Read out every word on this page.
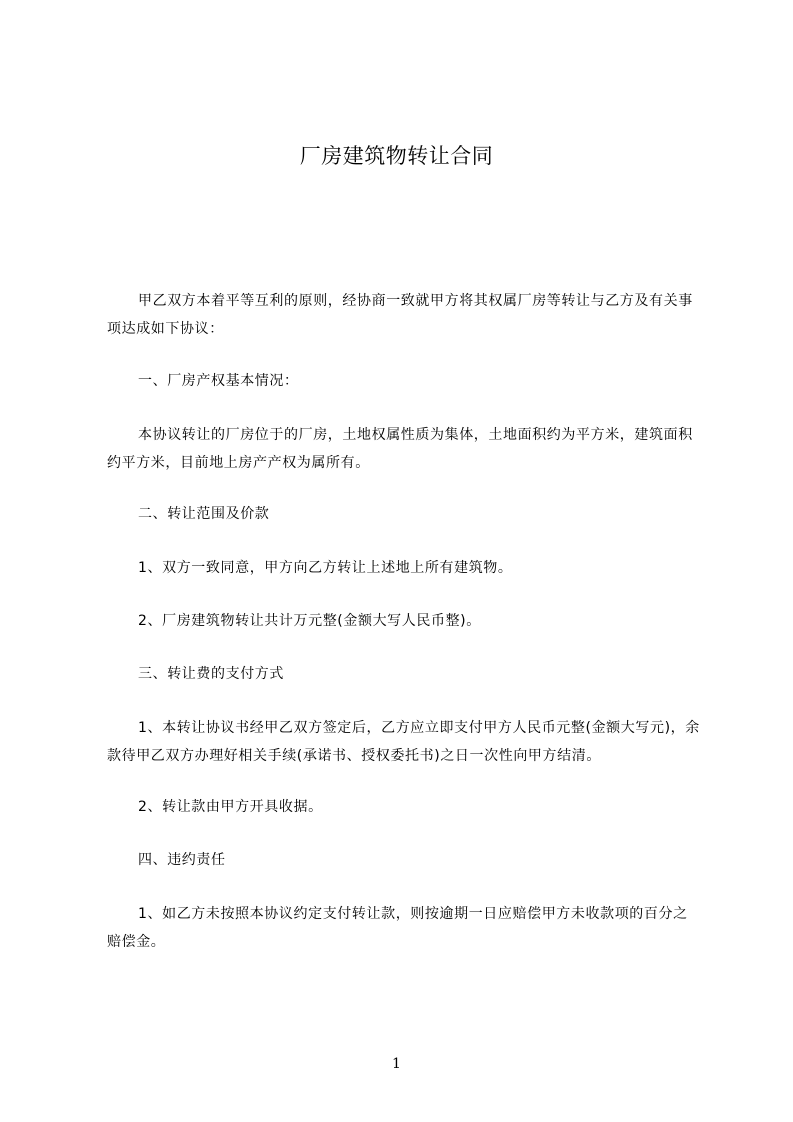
厂房建筑物转让合同
甲乙双方本着平等互利的原则，经协商一致就甲方将其权属厂房等转让与乙方及有关事项达成如下协议：
一、厂房产权基本情况：
本协议转让的厂房位于的厂房，土地权属性质为集体，土地面积约为平方米，建筑面积约平方米，目前地上房产产权为属所有。
二、转让范围及价款
1、双方一致同意，甲方向乙方转让上述地上所有建筑物。
2、厂房建筑物转让共计万元整(金额大写人民币整)。
三、转让费的支付方式
1、本转让协议书经甲乙双方签定后，乙方应立即支付甲方人民币元整(金额大写元)，余款待甲乙双方办理好相关手续(承诺书、授权委托书)之日一次性向甲方结清。
2、转让款由甲方开具收据。
四、违约责任
1、如乙方未按照本协议约定支付转让款，则按逾期一日应赔偿甲方未收款项的百分之赔偿金。
1
